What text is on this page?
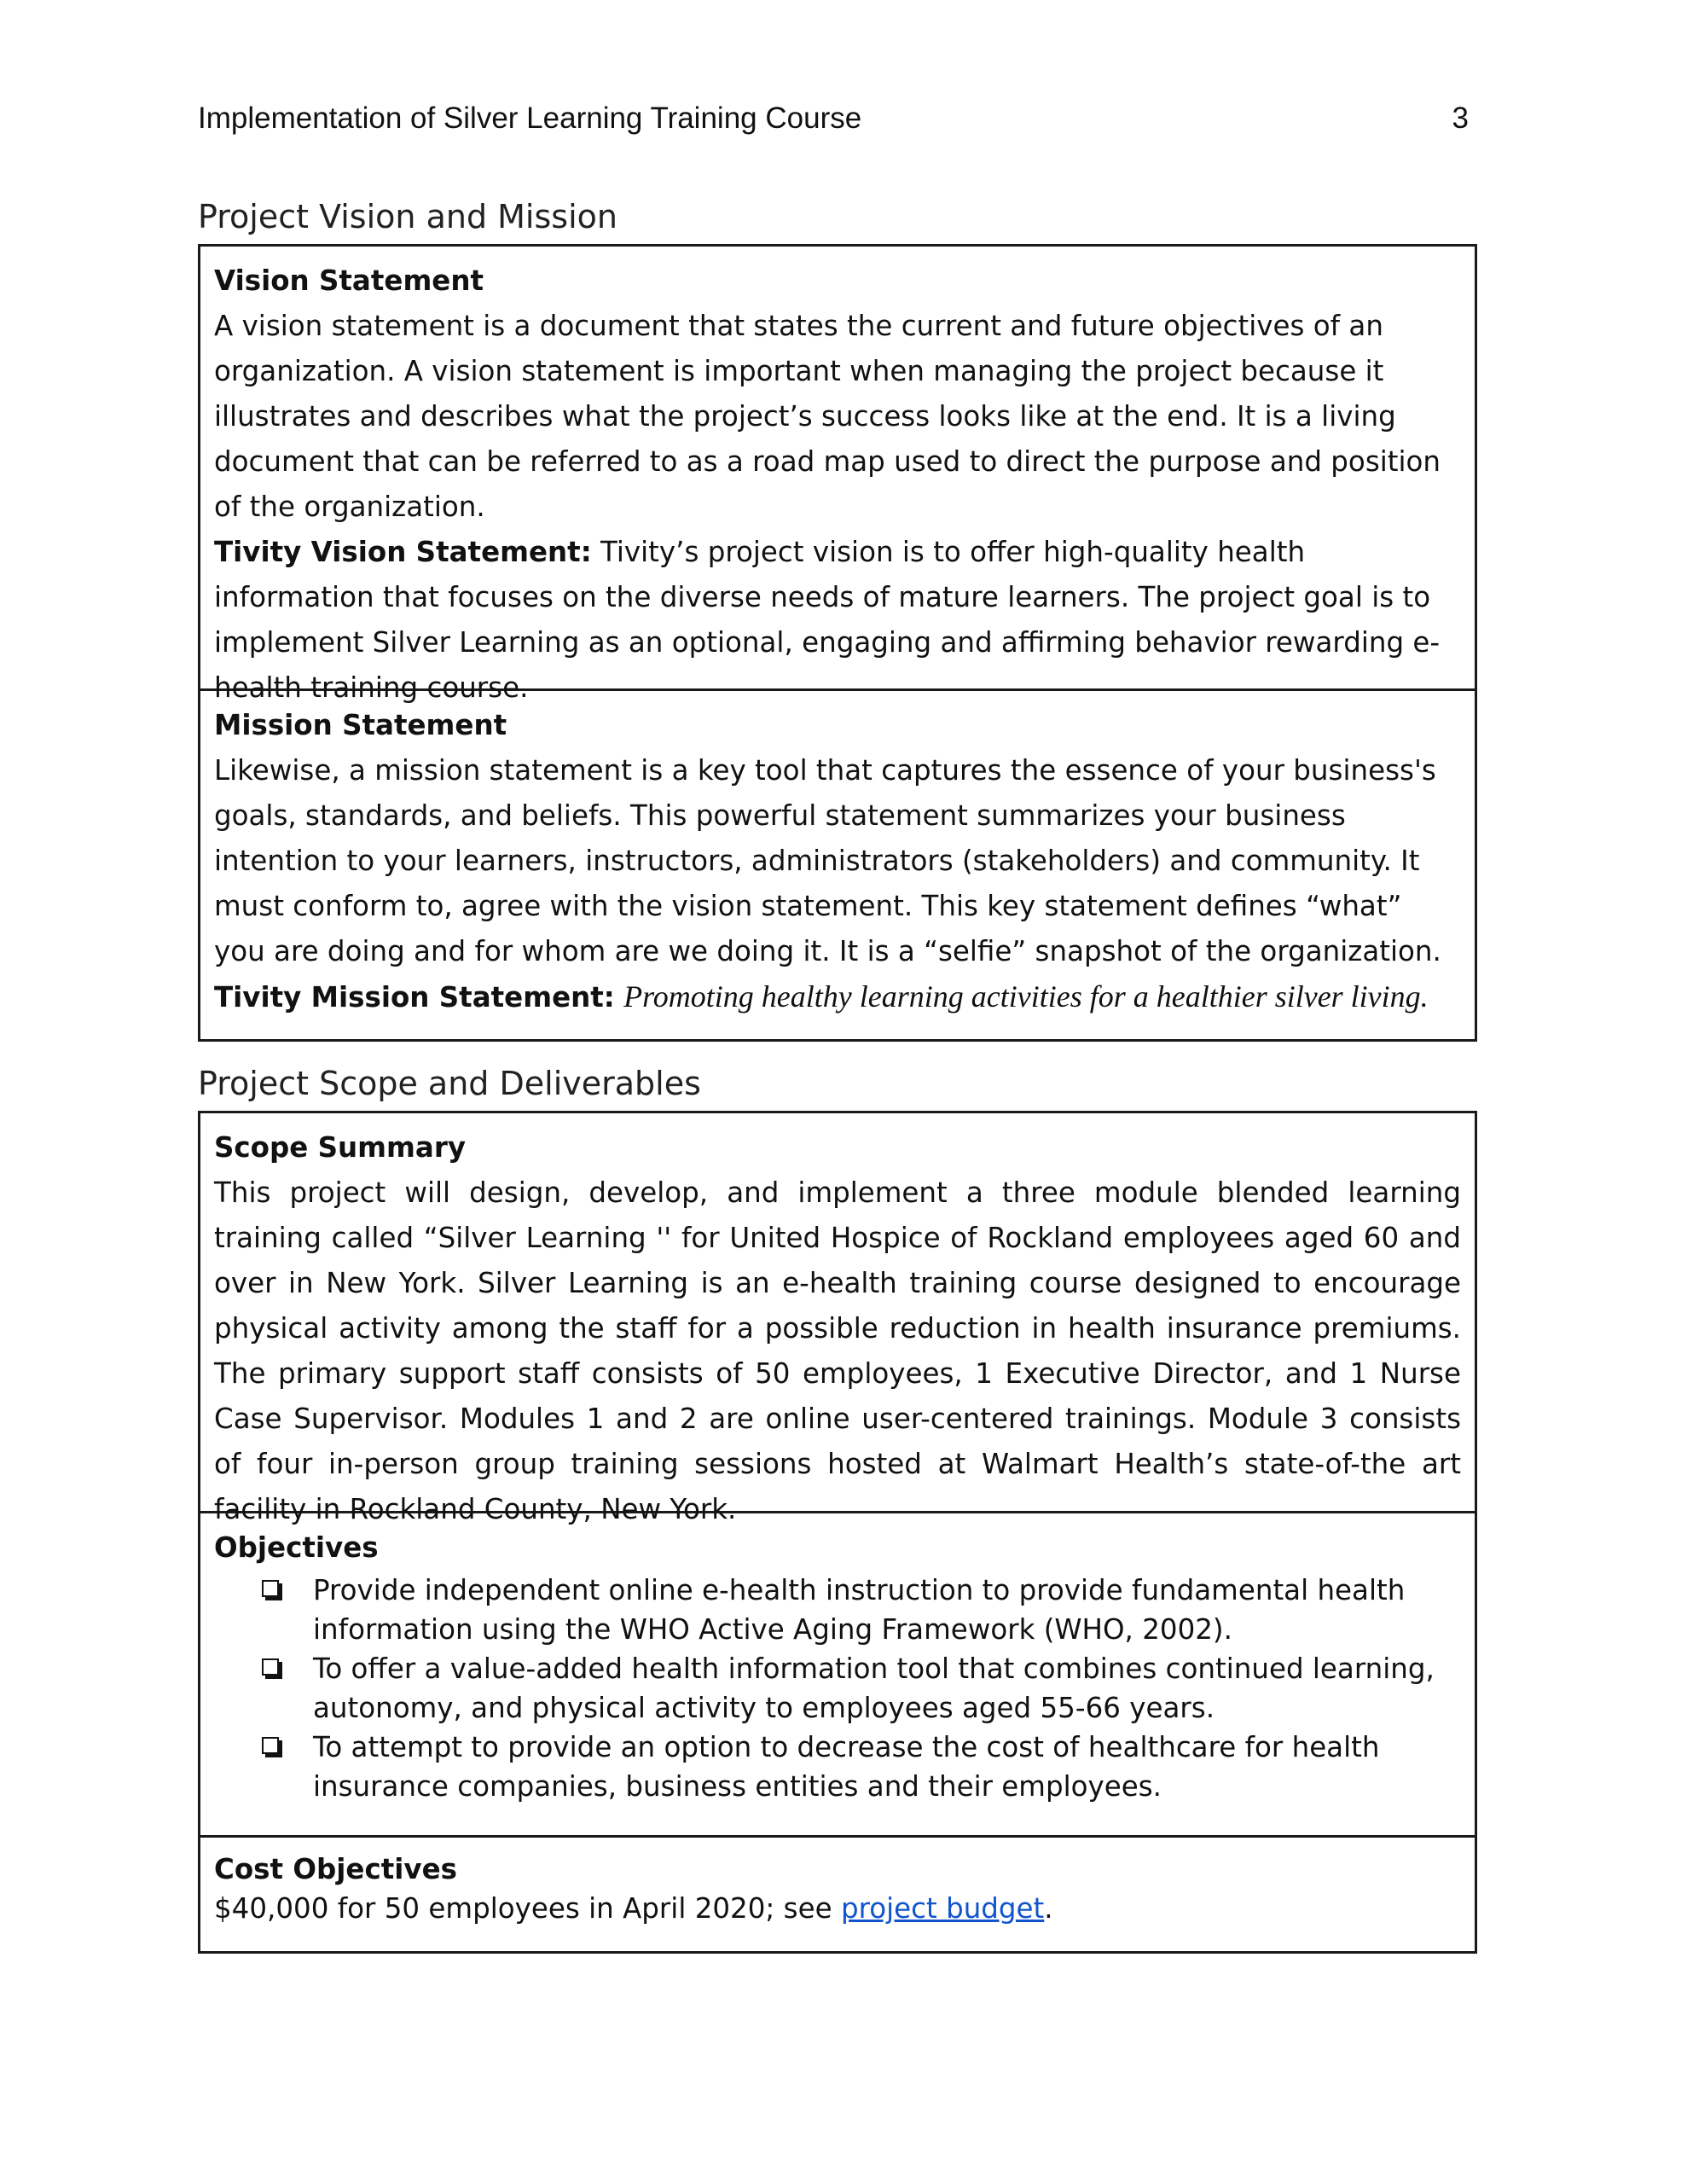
Implementation of Silver Learning Training Course	3
Project Vision and Mission
Vision Statement

A vision statement is a document that states the current and future objectives of an organization. A vision statement is important when managing the project because it illustrates and describes what the project’s success looks like at the end. It is a living document that can be referred to as a road map used to direct the purpose and position of the organization.

Tivity Vision Statement: Tivity’s project vision is to offer high-quality health information that focuses on the diverse needs of mature learners. The project goal is to implement Silver Learning as an optional, engaging and affirming behavior rewarding e-health training course.

Mission Statement

Likewise, a mission statement is a key tool that captures the essence of your business's goals, standards, and beliefs. This powerful statement summarizes your business intention to your learners, instructors, administrators (stakeholders) and community. It must conform to, agree with the vision statement. This key statement defines “what” you are doing and for whom are we doing it. It is a “selfie” snapshot of the organization.

Tivity Mission Statement: Promoting healthy learning activities for a healthier silver living.

Project Scope and Deliverables
Scope Summary

This project will design, develop, and implement a three module blended learning training called “Silver Learning '' for United Hospice of Rockland employees aged 60 and over in New York. Silver Learning is an e-health training course designed to encourage physical activity among the staff for a possible reduction in health insurance premiums. The primary support staff consists of 50 employees, 1 Executive Director, and 1 Nurse Case Supervisor. Modules 1 and 2 are online user-centered trainings. Module 3 consists of four in-person group training sessions hosted at Walmart Health’s state-of-the art facility in Rockland County, New York.

Objectives
Provide independent online e-health instruction to provide fundamental health information using the WHO Active Aging Framework (WHO, 2002).
To offer a value-added health information tool that combines continued learning, autonomy, and physical activity to employees aged 55-66 years.
To attempt to provide an option to decrease the cost of healthcare for health insurance companies, business entities and their employees.
Cost Objectives

$40,000 for 50 employees in April 2020; see project budget.
